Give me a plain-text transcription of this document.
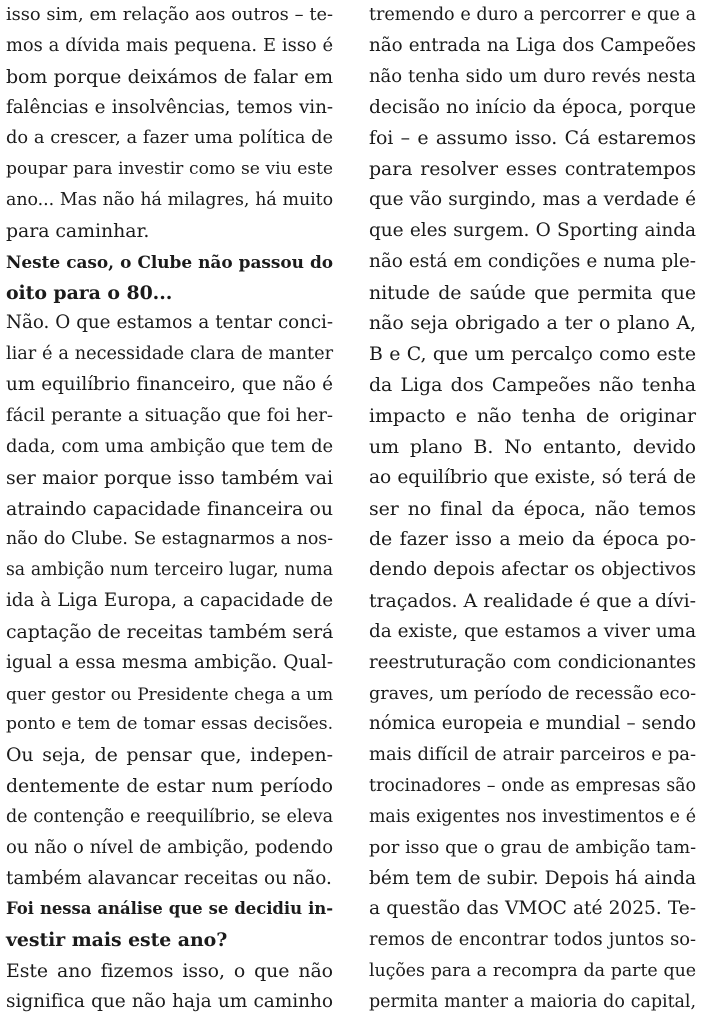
isso sim, em relação aos outros – te-
mos a dívida mais pequena. E isso é
bom porque deixámos de falar em
falências e insolvências, temos vin-
do a crescer, a fazer uma política de
poupar para investir como se viu este
ano... Mas não há milagres, há muito
para caminhar.
Neste caso, o Clube não passou do
oito para o 80...
Não. O que estamos a tentar conci-
liar é a necessidade clara de manter
um equilíbrio financeiro, que não é
fácil perante a situação que foi her-
dada, com uma ambição que tem de
ser maior porque isso também vai
atraindo capacidade financeira ou
não do Clube. Se estagnarmos a nos-
sa ambição num terceiro lugar, numa
ida à Liga Europa, a capacidade de
captação de receitas também será
igual a essa mesma ambição. Qual-
quer gestor ou Presidente chega a um
ponto e tem de tomar essas decisões.
Ou seja, de pensar que, indepen-
dentemente de estar num período
de contenção e reequilíbrio, se eleva
ou não o nível de ambição, podendo
também alavancar receitas ou não.
Foi nessa análise que se decidiu in-
vestir mais este ano?
Este ano fizemos isso, o que não
significa que não haja um caminho
tremendo e duro a percorrer e que a
não entrada na Liga dos Campeões
não tenha sido um duro revés nesta
decisão no início da época, porque
foi – e assumo isso. Cá estaremos
para resolver esses contratempos
que vão surgindo, mas a verdade é
que eles surgem. O Sporting ainda
não está em condições e numa ple-
nitude de saúde que permita que
não seja obrigado a ter o plano A,
B e C, que um percalço como este
da Liga dos Campeões não tenha
impacto e não tenha de originar
um plano B. No entanto, devido
ao equilíbrio que existe, só terá de
ser no final da época, não temos
de fazer isso a meio da época po-
dendo depois afectar os objectivos
traçados. A realidade é que a dívi-
da existe, que estamos a viver uma
reestruturação com condicionantes
graves, um período de recessão eco-
nómica europeia e mundial – sendo
mais difícil de atrair parceiros e pa-
trocinadores – onde as empresas são
mais exigentes nos investimentos e é
por isso que o grau de ambição tam-
bém tem de subir. Depois há ainda
a questão das VMOC até 2025. Te-
remos de encontrar todos juntos so-
luções para a recompra da parte que
permita manter a maioria do capital,
